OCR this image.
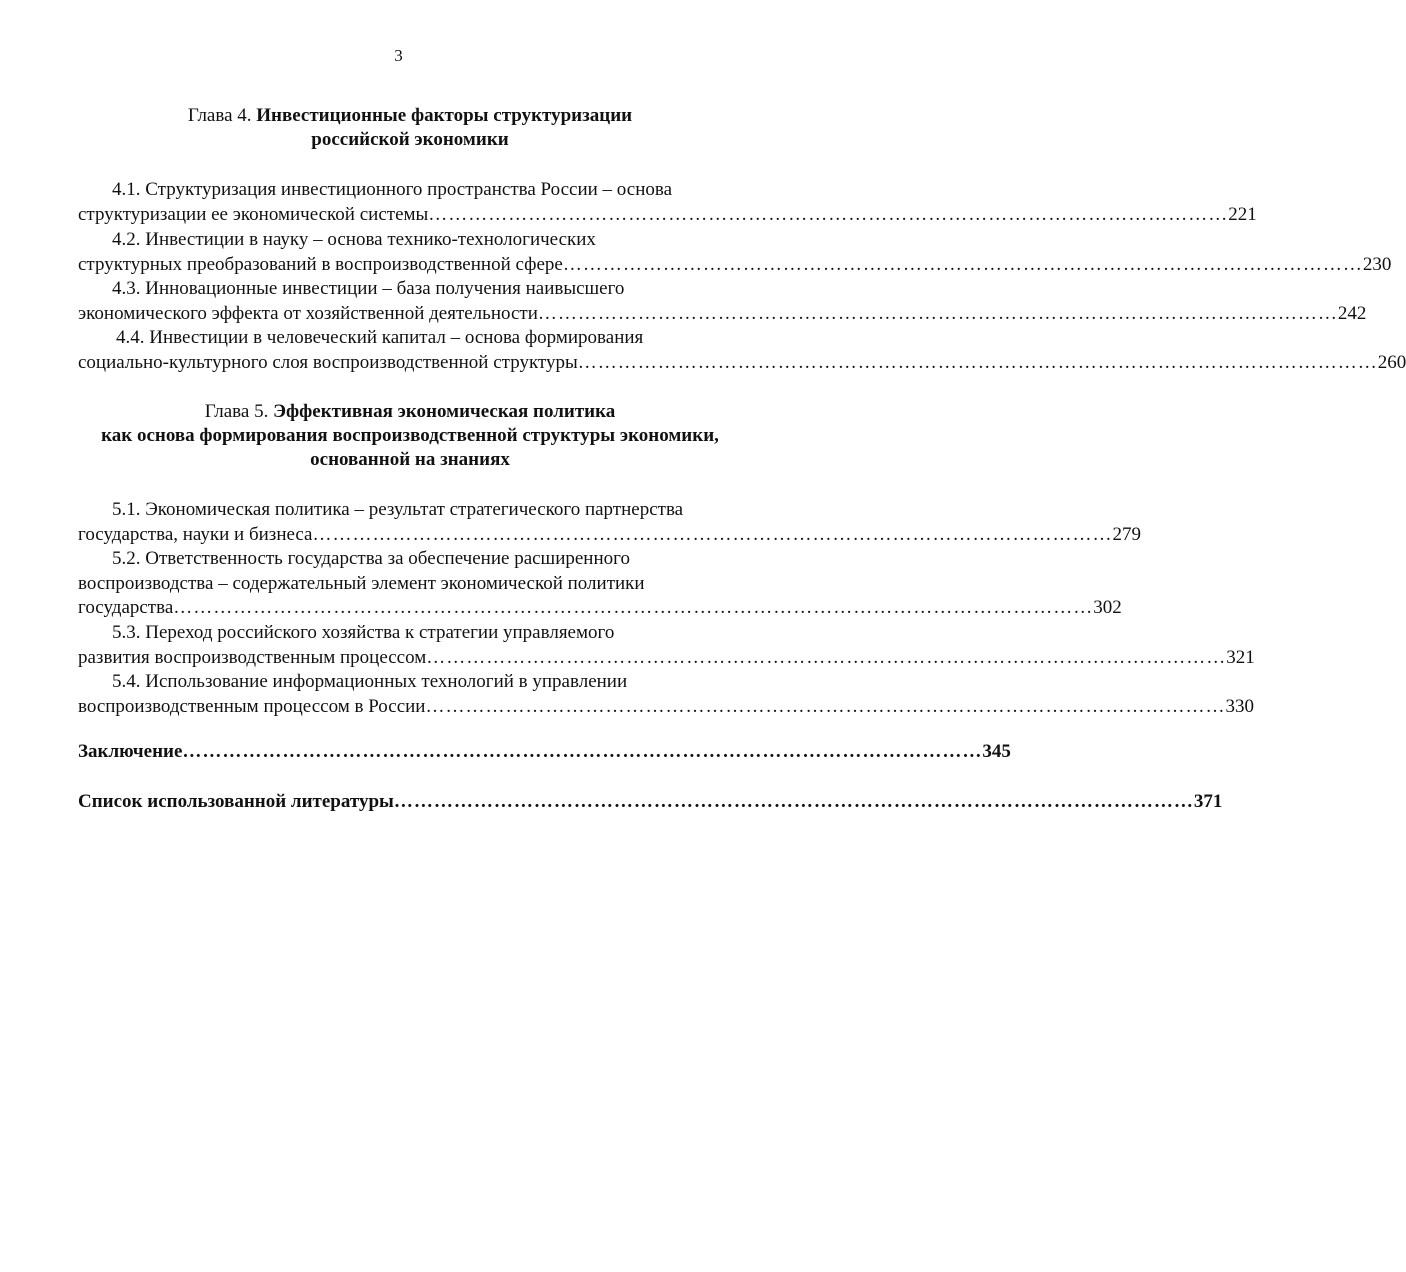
3
Глава 4. Инвестиционные факторы структуризации
российской экономики
4.1. Структуризация инвестиционного пространства России – основа
структуризации ее экономической системы…………………………………………………………………………………………………………221
4.2. Инвестиции в науку – основа технико-технологических
структурных преобразований в воспроизводственной сфере…………………………………………………………………………………………………………230
4.3. Инновационные инвестиции – база получения наивысшего
экономического эффекта от хозяйственной деятельности…………………………………………………………………………………………………………242
4.4. Инвестиции в человеческий капитал – основа формирования
социально-культурного слоя воспроизводственной структуры…………………………………………………………………………………………………………260
Глава 5. Эффективная экономическая политика
как основа формирования воспроизводственной структуры экономики,
основанной на знаниях
5.1. Экономическая политика – результат стратегического партнерства
государства, науки и бизнеса…………………………………………………………………………………………………………279
5.2. Ответственность государства за обеспечение расширенного
воспроизводства – содержательный элемент экономической политики
государства…………………………………………………………………………………………………………………………302
5.3. Переход российского хозяйства к стратегии управляемого
развития воспроизводственным процессом…………………………………………………………………………………………………………321
5.4. Использование информационных технологий в управлении
воспроизводственным процессом в России…………………………………………………………………………………………………………330
Заключение…………………………………………………………………………………………………………345
Список использованной литературы…………………………………………………………………………………………………………371
